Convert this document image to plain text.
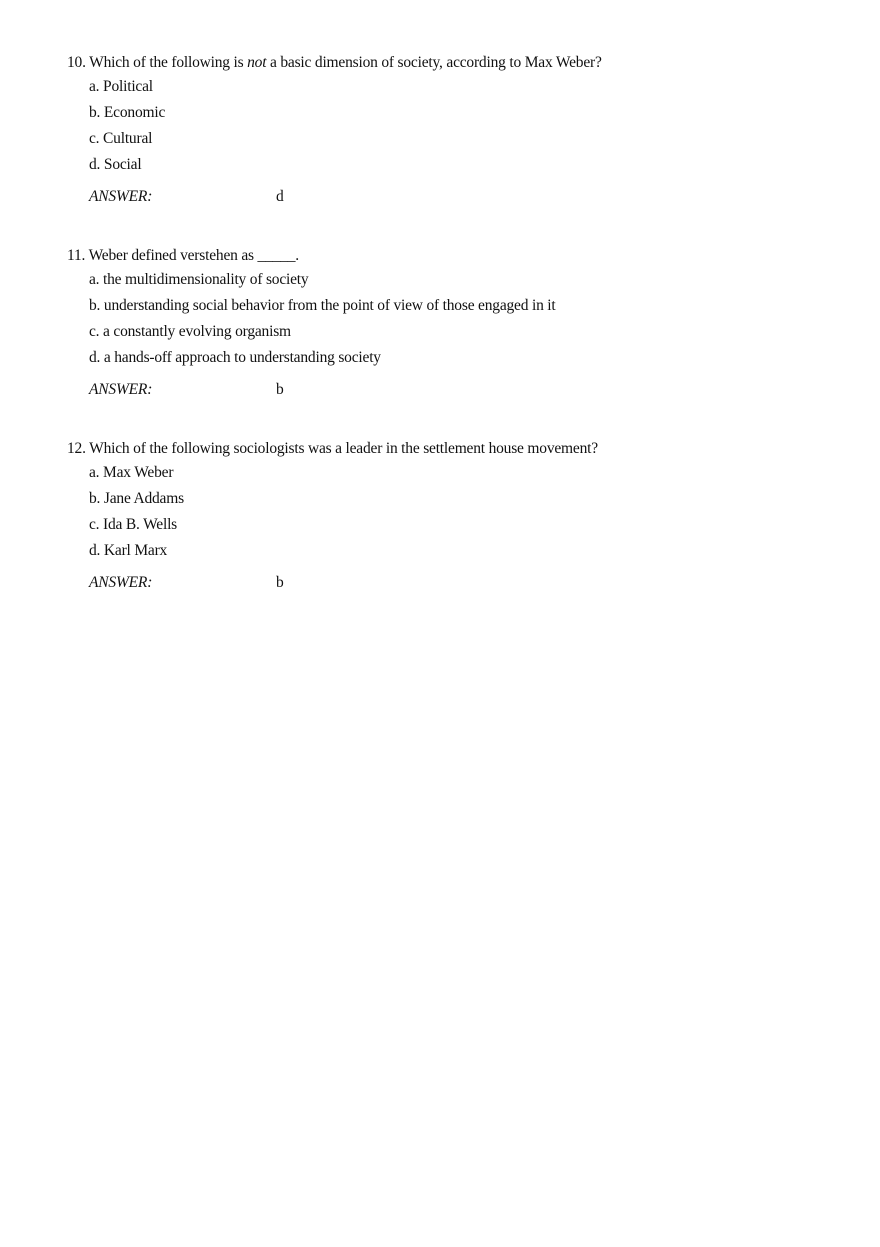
10. Which of the following is not a basic dimension of society, according to Max Weber?
a. Political
b. Economic
c. Cultural
d. Social
ANSWER:	d
11. Weber defined verstehen as _____.
a. the multidimensionality of society
b. understanding social behavior from the point of view of those engaged in it
c. a constantly evolving organism
d. a hands-off approach to understanding society
ANSWER:	b
12. Which of the following sociologists was a leader in the settlement house movement?
a. Max Weber
b. Jane Addams
c. Ida B. Wells
d. Karl Marx
ANSWER:	b
